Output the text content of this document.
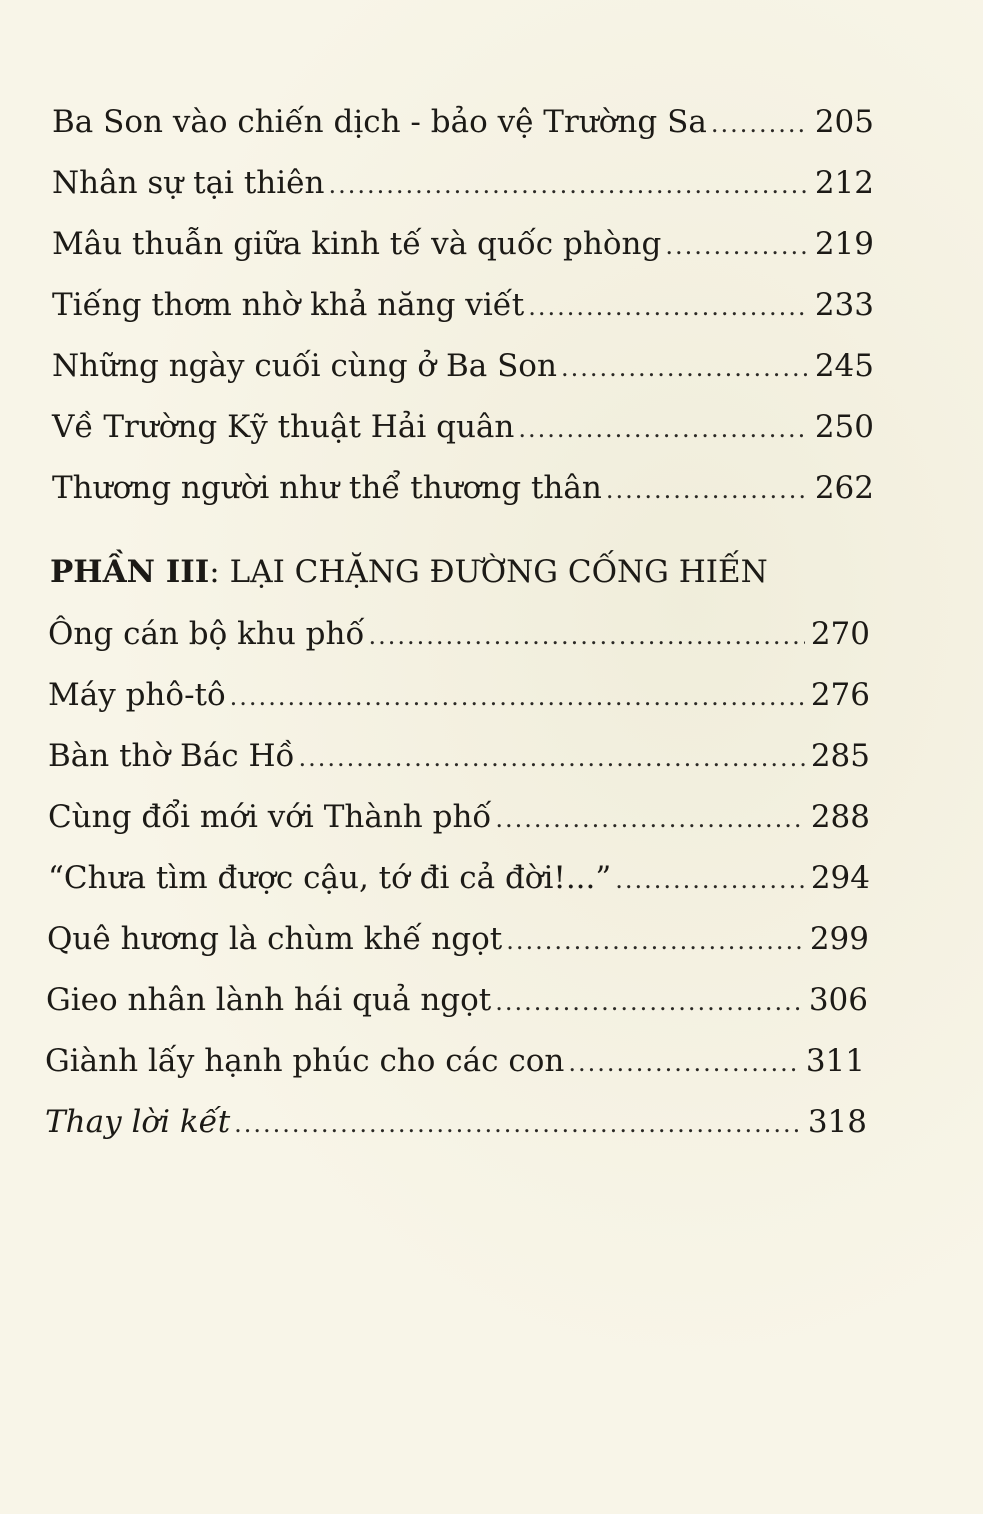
Ba Son vào chiến dịch - bảo vệ Trường Sa .....	205
Nhân sự tại thiên .....	212
Mâu thuẫn giữa kinh tế và quốc phòng .....	219
Tiếng thơm nhờ khả năng viết .....	233
Những ngày cuối cùng ở Ba Son .....	245
Về Trường Kỹ thuật Hải quân .....	250
Thương người như thể thương thân .....	262
PHẦN III: LẠI CHẶNG ĐƯỜNG CỐNG HIẾN
Ông cán bộ khu phố .....	270
Máy phô-tô .....	276
Bàn thờ Bác Hồ .....	285
Cùng đổi mới với Thành phố .....	288
“Chưa tìm được cậu, tớ đi cả đời!...” .....	294
Quê hương là chùm khế ngọt .....	299
Gieo nhân lành hái quả ngọt .....	306
Giành lấy hạnh phúc cho các con .....	311
Thay lời kết .....	318
